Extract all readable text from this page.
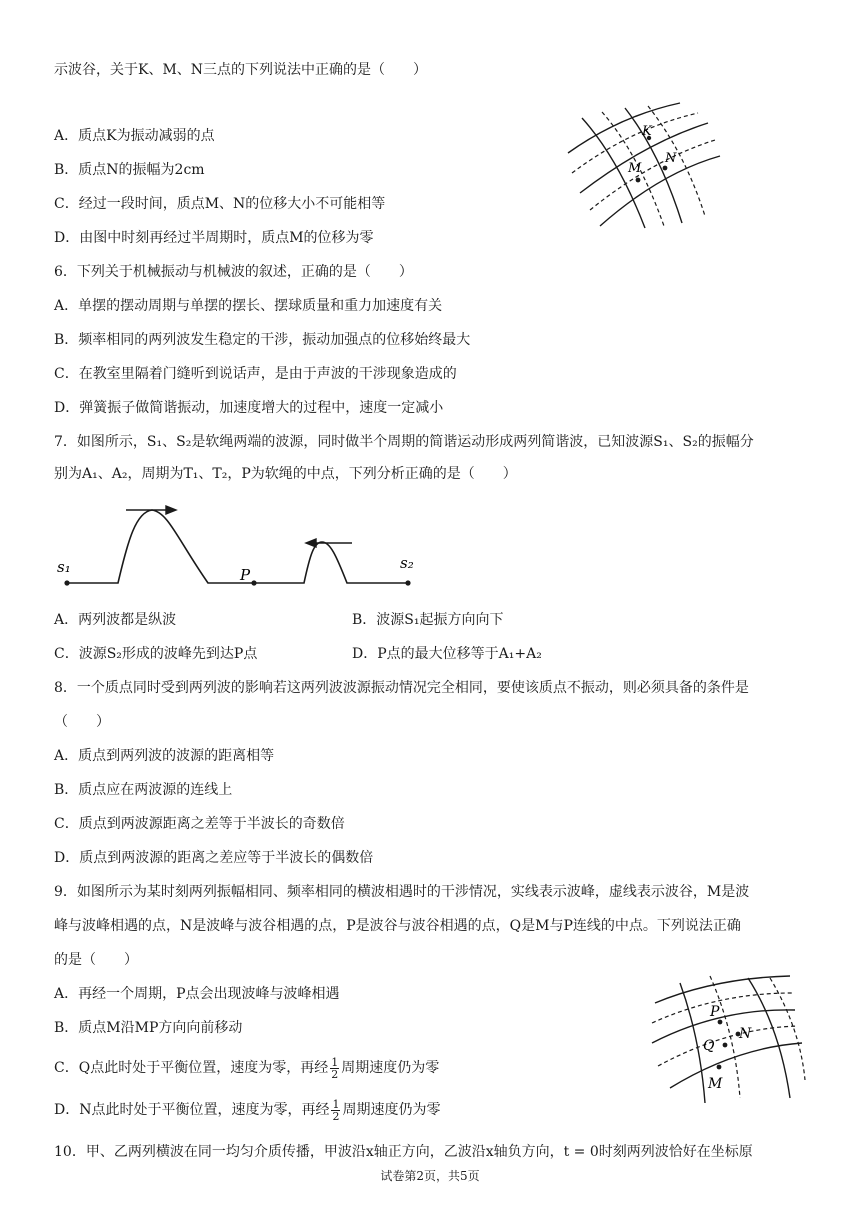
示波谷，关于K、M、N三点的下列说法中正确的是（　　）
A．质点K为振动减弱的点
B．质点N的振幅为2cm
C．经过一段时间，质点M、N的位移大小不可能相等
D．由图中时刻再经过半周期时，质点M的位移为零
K
M
N
6．下列关于机械振动与机械波的叙述，正确的是（　　）
A．单摆的摆动周期与单摆的摆长、摆球质量和重力加速度有关
B．频率相同的两列波发生稳定的干涉，振动加强点的位移始终最大
C．在教室里隔着门缝听到说话声，是由于声波的干涉现象造成的
D．弹簧振子做简谐振动，加速度增大的过程中，速度一定减小
7．如图所示，S₁、S₂是软绳两端的波源，同时做半个周期的简谐运动形成两列简谐波，已知波源S₁、S₂的振幅分
别为A₁、A₂，周期为T₁、T₂，P为软绳的中点，下列分析正确的是（　　）
s₁	P
s₂
A．两列波都是纵波	B．波源S₁起振方向向下
C．波源S₂形成的波峰先到达P点	D．P点的最大位移等于A₁+A₂
8．一个质点同时受到两列波的影响若这两列波波源振动情况完全相同，要使该质点不振动，则必须具备的条件是
（　　）
A．质点到两列波的波源的距离相等
B．质点应在两波源的连线上
C．质点到两波源距离之差等于半波长的奇数倍
D．质点到两波源的距离之差应等于半波长的偶数倍
9．如图所示为某时刻两列振幅相同、频率相同的横波相遇时的干涉情况，实线表示波峰，虚线表示波谷，M是波
峰与波峰相遇的点，N是波峰与波谷相遇的点，P是波谷与波谷相遇的点，Q是M与P连线的中点。下列说法正确
的是（　　）
A．再经一个周期，P点会出现波峰与波峰相遇
B．质点M沿MP方向向前移动
C．Q点此时处于平衡位置，速度为零，再经 $\frac{1}{2}$ 周期速度仍为零
D．N点此时处于平衡位置，速度为零，再经 $\frac{1}{2}$ 周期速度仍为零
P
Q
N
M
10．甲、乙两列横波在同一均匀介质传播，甲波沿x轴正方向，乙波沿x轴负方向，t = 0时刻两列波恰好在坐标原
试卷第2页，共5页
